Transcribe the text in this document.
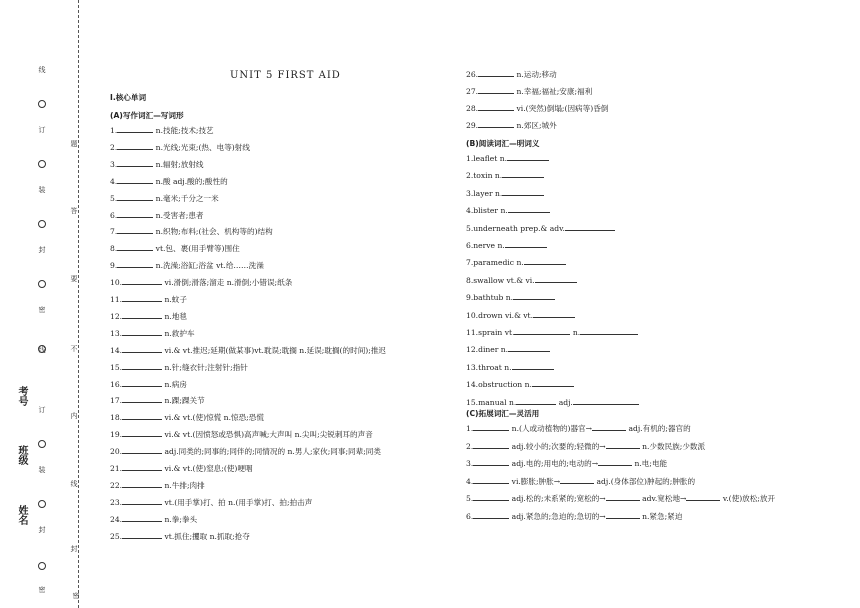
线
订
装
封
密
线
订
装
封
密
题
答
要
不
内
线
封
考号
班级
姓名
密
UNIT 5 FIRST AID
Ⅰ.核心单词
(A)写作词汇—写词形
1.	n.技能;技术;技艺
2.	n.光线;光束;(热、电等)射线
3.	n.辐射;放射线
4.	n.酸 adj.酸的;酸性的
5.	n.毫米;千分之一米
6.	n.受害者;患者
7.	n.织物;布料;(社会、机构等的)结构
8.	vt.包、裹(用手臂等)围住
9.	n.洗澡;浴缸;浴盆 vt.给……洗澡
10.	vi.滑倒;滑落;溜走 n.滑倒;小错误;纸条
11.	n.蚊子
12.	n.地毯
13.	n.救护车
14.	vi.& vt.推迟;延期(做某事)vt.耽误;耽搁 n.延误;耽搁(的时间);推迟
15.	n.针;缝衣针;注射针;指针
16.	n.病房
17.	n.踝;踝关节
18.	vi.& vt.(使)惊慌 n.惊恐;恐慌
19.	vi.& vt.(因愤怒或恐惧)高声喊;大声叫 n.尖叫;尖锐刺耳的声音
20.	adj.同类的;同事的;同伴的;同情况的 n.男人;家伙;同事;同辈;同类
21.	vi.& vt.(使)窒息;(使)哽咽
22.	n.牛排;肉排
23.	vt.(用手掌)打、拍 n.(用手掌)打、拍;拍击声
24.	n.拳;拳头
25.	vt.抓住;攫取 n.抓取;抢夺
26.	n.运动;移动
27.	n.幸福;福祉;安康;福利
28.	vi.(突然)倒塌;(因病等)昏倒
29.	n.郊区;城外
(B)阅读词汇—明词义
1.leaflet n.
2.toxin n.
3.layer n.
4.blister n.
5.underneath prep.& adv.
6.nerve n.
7.paramedic n.
8.swallow vt.& vi.
9.bathtub n.
10.drown vi.& vt.
11.sprain vt.	n.
12.diner n.
13.throat n.
14.obstruction n.
15.manual n.	adj.
(C)拓展词汇—灵活用
1.	n.(人或动植物的)器官→	adj.有机的;器官的
2.	adj.较小的;次要的;轻微的→	n.少数民族;少数派
3.	adj.电的;用电的;电动的→	n.电;电能
4.	vi.膨胀;肿胀→	adj.(身体部位)肿起的;肿胀的
5.	adj.松的;未系紧的;宽松的→	adv.宽松地→	v.(使)放松;放开
6.	adj.紧急的;急迫的;急切的→	n.紧急;紧迫
